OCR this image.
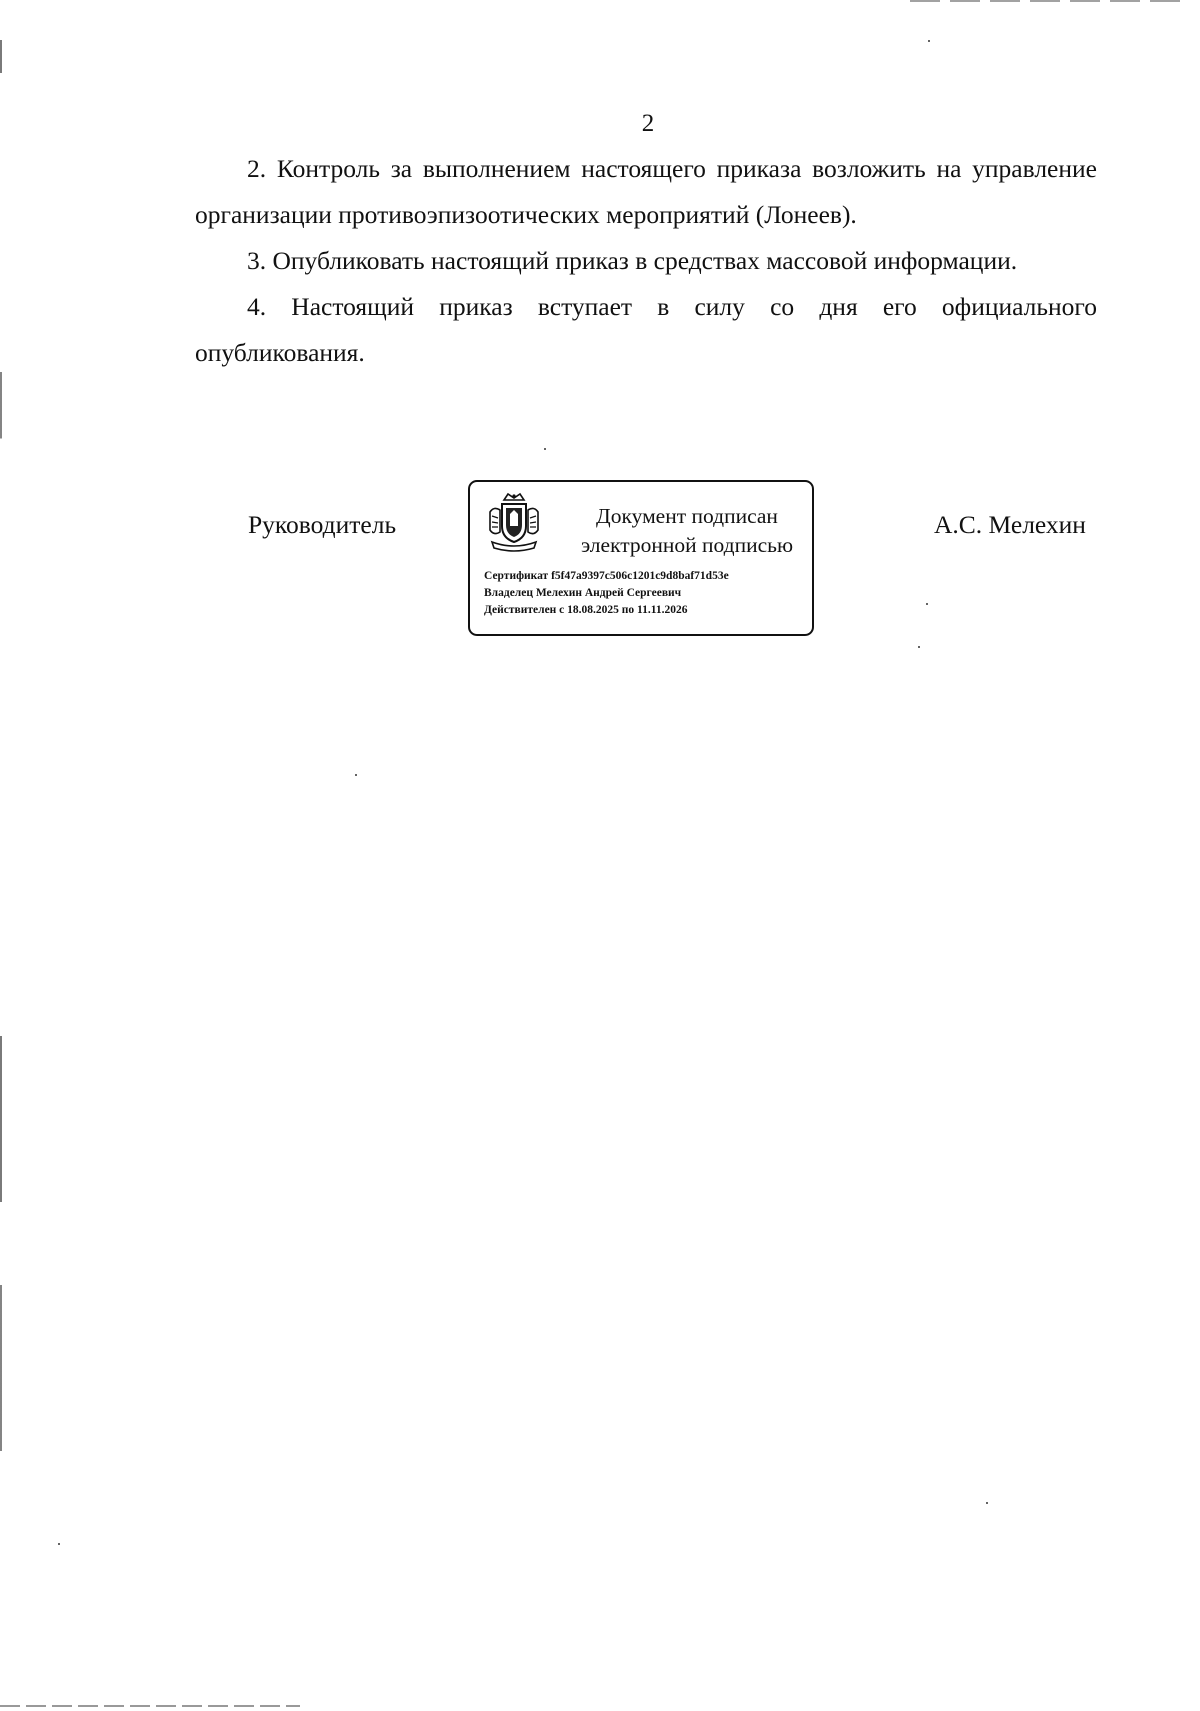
2

2. Контроль за выполнением настоящего приказа возложить на управление организации противоэпизоотических мероприятий (Лонеев).

3. Опубликовать настоящий приказ в средствах массовой информации.

4. Настоящий приказ вступает в силу со дня его официального опубликования.

Руководитель	Документ подписан
электронной подписью
Сертификат f5f47a9397c506c1201c9d8baf71d53e
Владелец Мелехин Андрей Сергеевич
Действителен с 18.08.2025 по 11.11.2026
А.С. Мелехин
